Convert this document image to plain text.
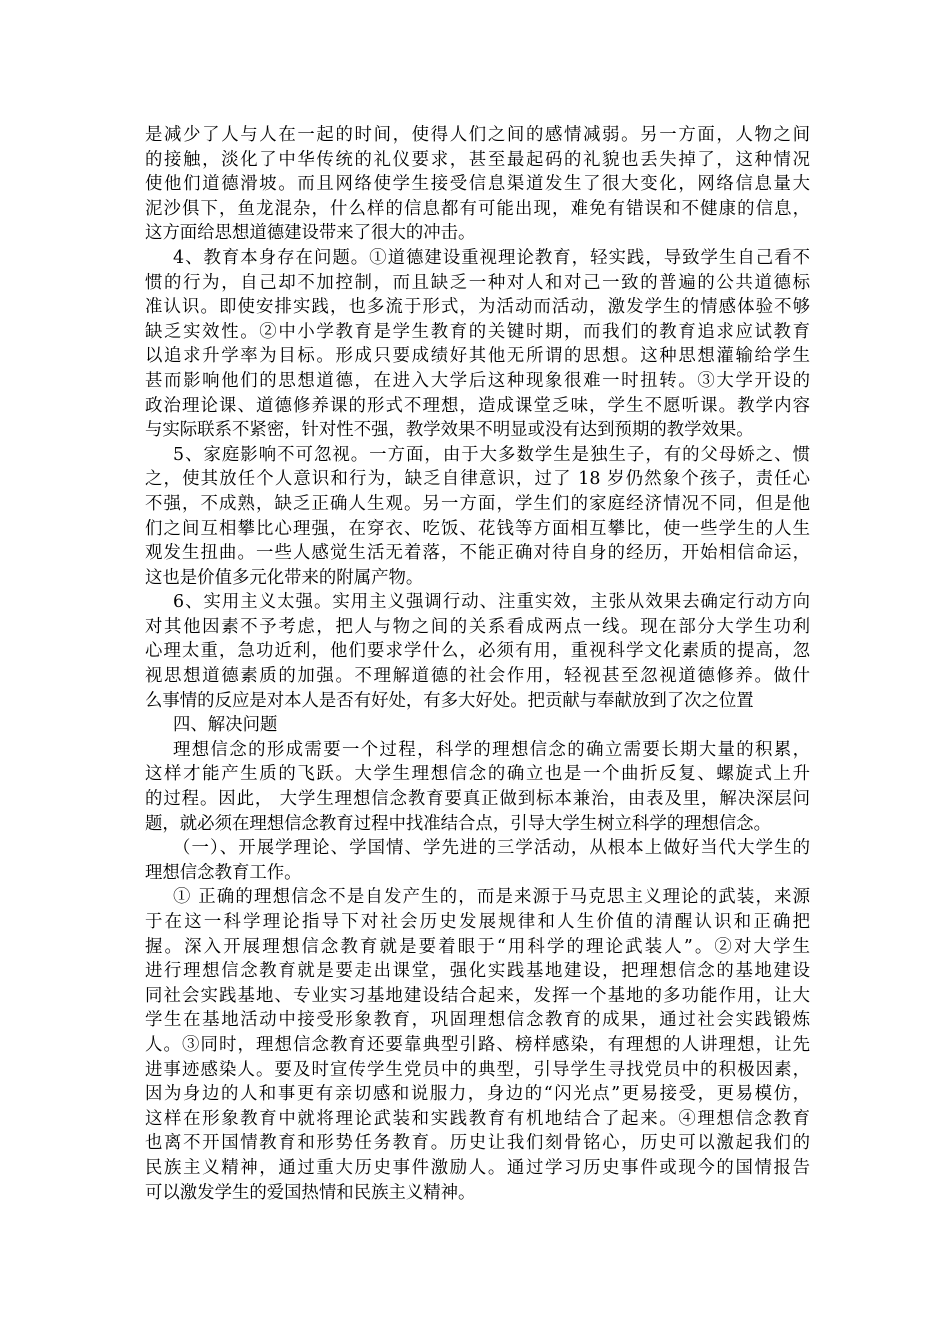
是减少了人与人在一起的时间，使得人们之间的感情减弱。另一方面，人物之间
的接触，淡化了中华传统的礼仪要求，甚至最起码的礼貌也丢失掉了，这种情况
使他们道德滑坡。而且网络使学生接受信息渠道发生了很大变化，网络信息量大
泥沙俱下，鱼龙混杂，什么样的信息都有可能出现，难免有错误和不健康的信息，
这方面给思想道德建设带来了很大的冲击。
4、教育本身存在问题。①道德建设重视理论教育，轻实践，导致学生自己看不
惯的行为，自己却不加控制，而且缺乏一种对人和对己一致的普遍的公共道德标
准认识。即使安排实践，也多流于形式，为活动而活动，激发学生的情感体验不够
缺乏实效性。②中小学教育是学生教育的关键时期，而我们的教育追求应试教育
以追求升学率为目标。形成只要成绩好其他无所谓的思想。这种思想灌输给学生
甚而影响他们的思想道德，在进入大学后这种现象很难一时扭转。③大学开设的
政治理论课、道德修养课的形式不理想，造成课堂乏味，学生不愿听课。教学内容
与实际联系不紧密，针对性不强，教学效果不明显或没有达到预期的教学效果。
5、家庭影响不可忽视。一方面，由于大多数学生是独生子，有的父母娇之、惯
之，使其放任个人意识和行为，缺乏自律意识，过了 18 岁仍然象个孩子，责任心
不强，不成熟，缺乏正确人生观。另一方面，学生们的家庭经济情况不同，但是他
们之间互相攀比心理强，在穿衣、吃饭、花钱等方面相互攀比，使一些学生的人生
观发生扭曲。一些人感觉生活无着落，不能正确对待自身的经历，开始相信命运，
这也是价值多元化带来的附属产物。
6、实用主义太强。实用主义强调行动、注重实效，主张从效果去确定行动方向
对其他因素不予考虑，把人与物之间的关系看成两点一线。现在部分大学生功利
心理太重，急功近利，他们要求学什么，必须有用，重视科学文化素质的提高，忽
视思想道德素质的加强。不理解道德的社会作用，轻视甚至忽视道德修养。做什
么事情的反应是对本人是否有好处，有多大好处。把贡献与奉献放到了次之位置
四、解决问题
理想信念的形成需要一个过程，科学的理想信念的确立需要长期大量的积累，
这样才能产生质的飞跃。大学生理想信念的确立也是一个曲折反复、螺旋式上升
的过程。因此， 大学生理想信念教育要真正做到标本兼治，由表及里，解决深层问
题，就必须在理想信念教育过程中找准结合点，引导大学生树立科学的理想信念。
（一）、开展学理论、学国情、学先进的三学活动，从根本上做好当代大学生的
理想信念教育工作。
① 正确的理想信念不是自发产生的，而是来源于马克思主义理论的武装，来源
于在这一科学理论指导下对社会历史发展规律和人生价值的清醒认识和正确把
握。深入开展理想信念教育就是要着眼于“用科学的理论武装人”。②对大学生
进行理想信念教育就是要走出课堂，强化实践基地建设，把理想信念的基地建设
同社会实践基地、专业实习基地建设结合起来，发挥一个基地的多功能作用，让大
学生在基地活动中接受形象教育，巩固理想信念教育的成果，通过社会实践锻炼
人。③同时，理想信念教育还要靠典型引路、榜样感染，有理想的人讲理想，让先
进事迹感染人。要及时宣传学生党员中的典型，引导学生寻找党员中的积极因素，
因为身边的人和事更有亲切感和说服力，身边的“闪光点”更易接受，更易模仿，
这样在形象教育中就将理论武装和实践教育有机地结合了起来。④理想信念教育
也离不开国情教育和形势任务教育。历史让我们刻骨铭心，历史可以激起我们的
民族主义精神，通过重大历史事件激励人。通过学习历史事件或现今的国情报告
可以激发学生的爱国热情和民族主义精神。
